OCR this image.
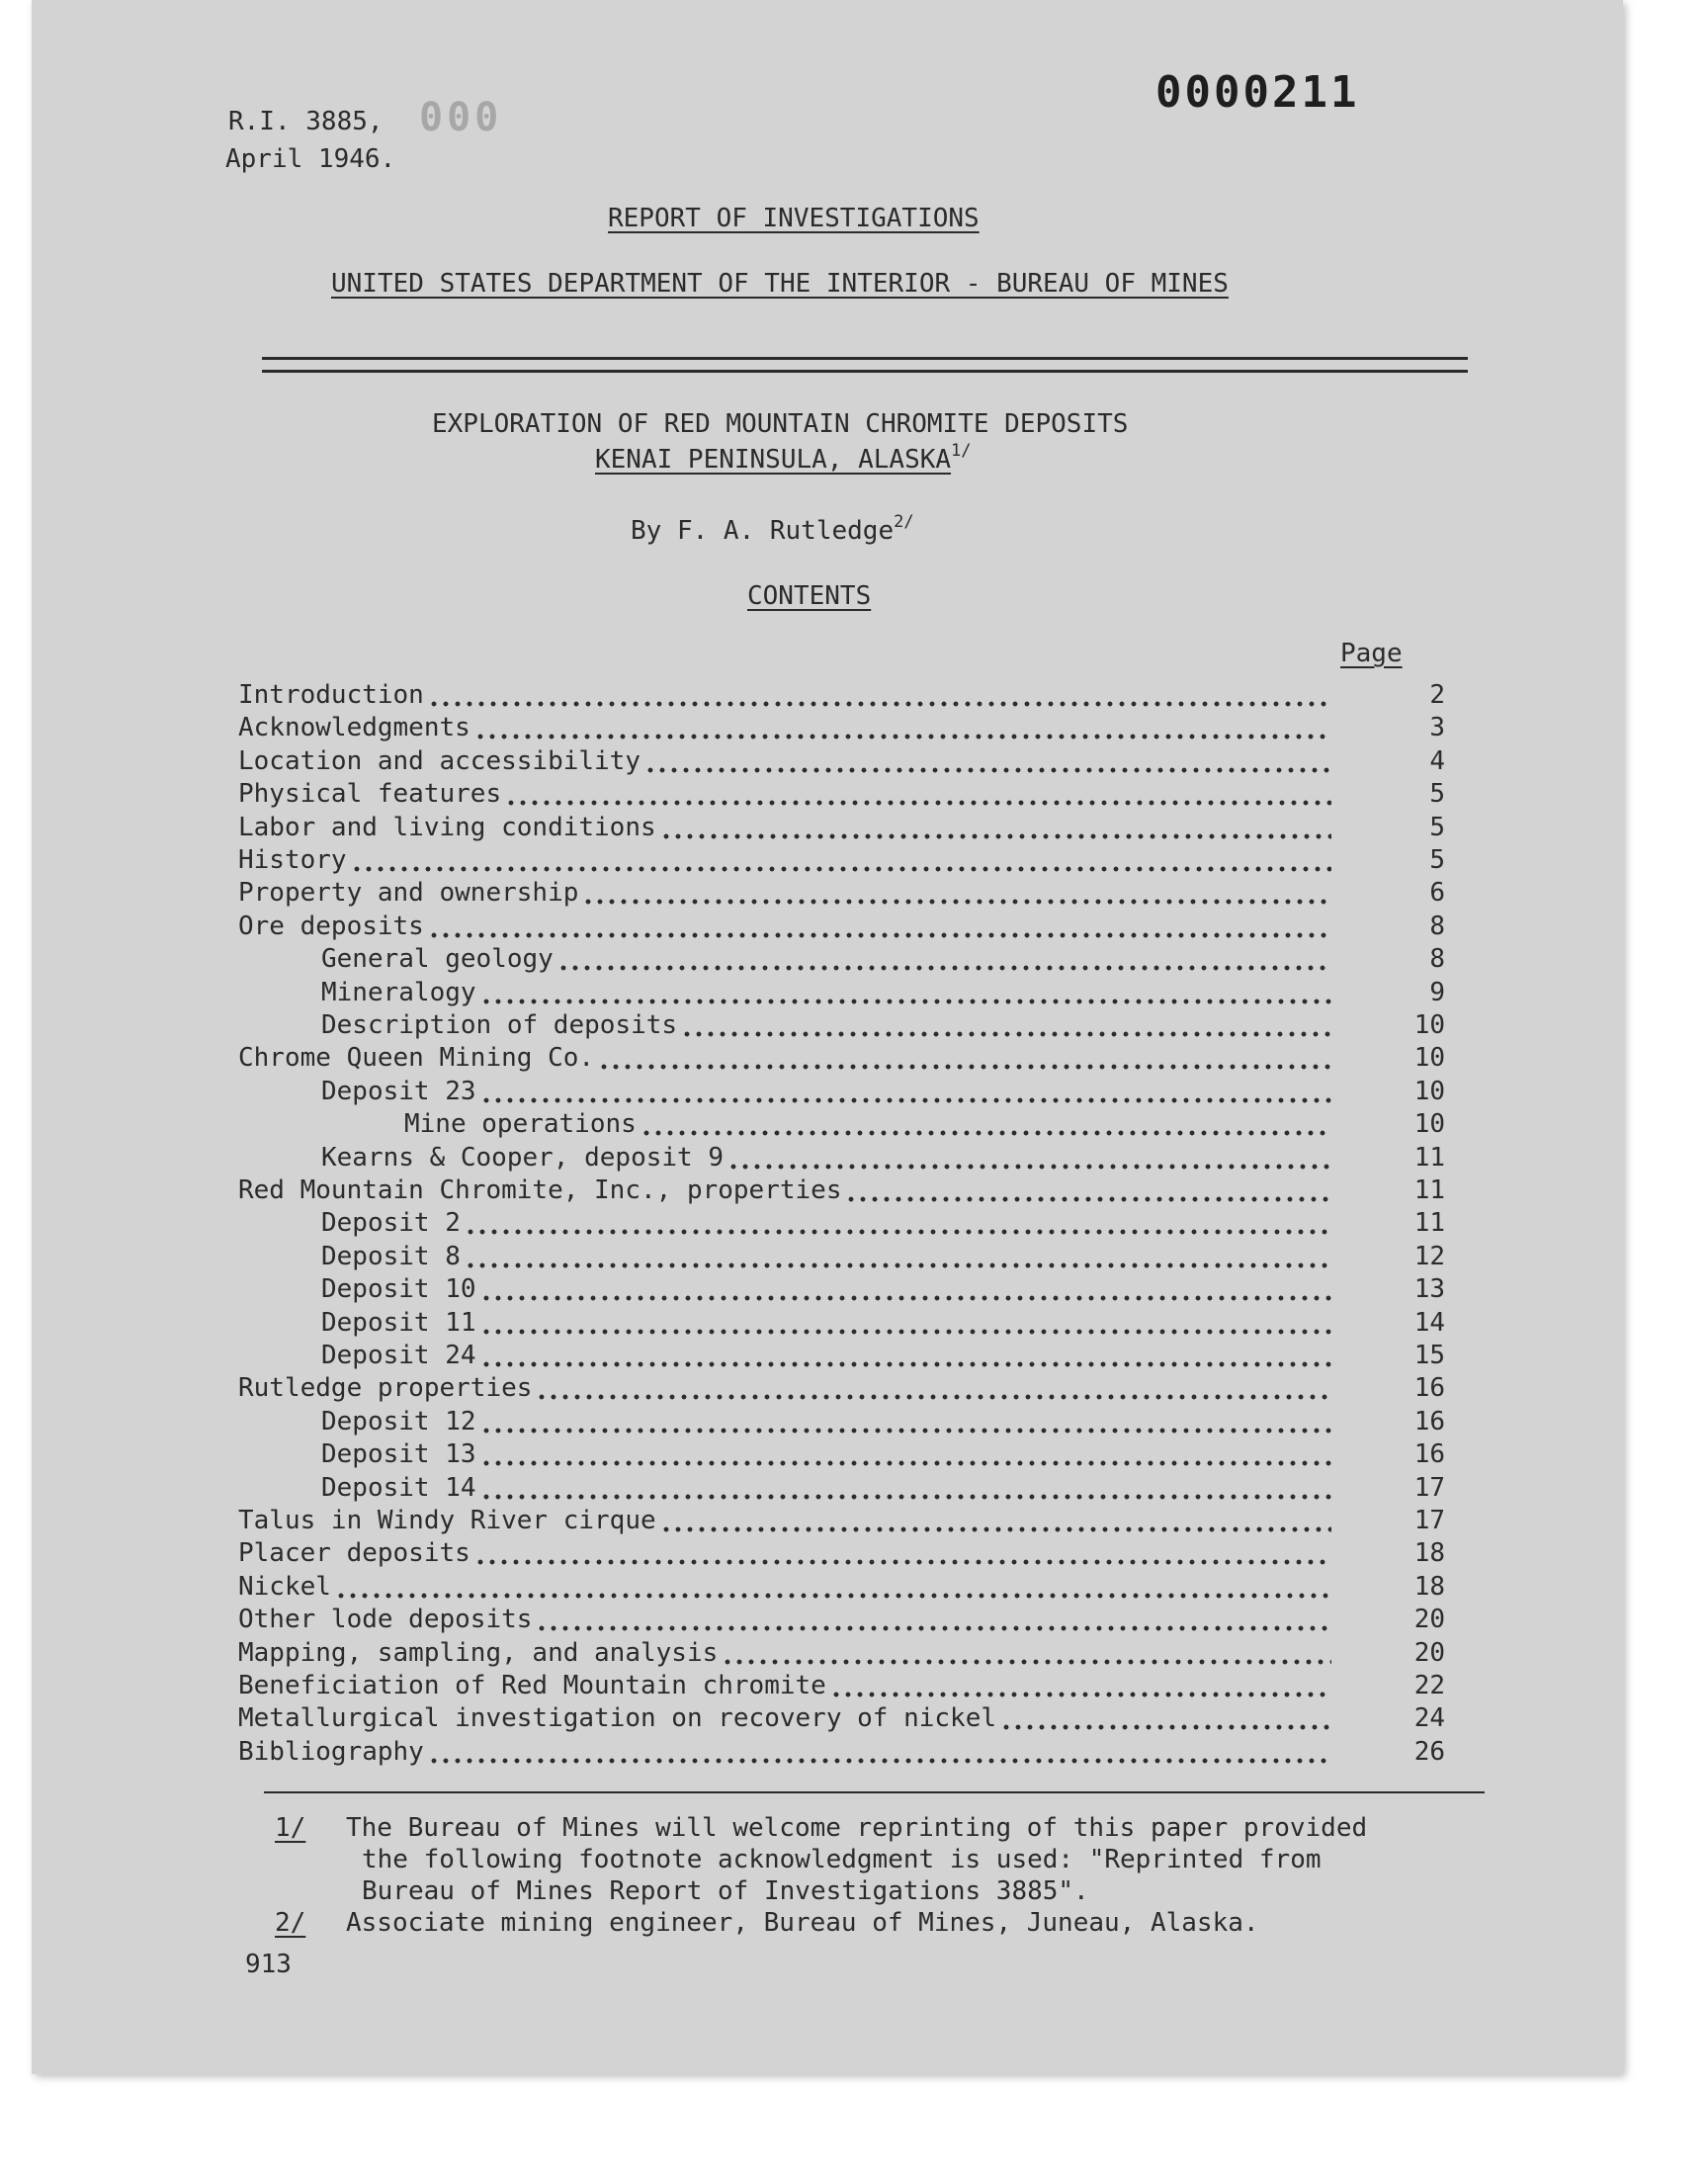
0000211
000
R.I. 3885,
April 1946.
REPORT OF INVESTIGATIONS
UNITED STATES DEPARTMENT OF THE INTERIOR - BUREAU OF MINES
EXPLORATION OF RED MOUNTAIN CHROMITE DEPOSITS
KENAI PENINSULA, $ALASKA^{1/}$
By F. A. Rutledge$^{2/}$
CONTENTS
Page
Introduction	2
Acknowledgments	3
Location and accessibility	4
Physical features	5
Labor and living conditions	5
History	5
Property and ownership	6
Ore deposits	8
General geology	8
Mineralogy	9
Description of deposits	10
Chrome Queen Mining Co.	10
Deposit 23	10
Mine operations	10
Kearns & Cooper, deposit 9	11
Red Mountain Chromite, Inc., properties	11
Deposit 2	11
Deposit 8	12
Deposit 10	13
Deposit 11	14
Deposit 24	15
Rutledge properties	16
Deposit 12	16
Deposit 13	16
Deposit 14	17
Talus in Windy River cirque	17
Placer deposits	18
Nickel	18
Other lode deposits	20
Mapping, sampling, and analysis	20
Beneficiation of Red Mountain chromite	22
Metallurgical investigation on recovery of nickel	24
Bibliography	26
1/ The Bureau of Mines will welcome reprinting of this paper provided
the following footnote acknowledgment is used: "Reprinted from
Bureau of Mines Report of Investigations 3885".
2/ Associate mining engineer, Bureau of Mines, Juneau, Alaska.
913
